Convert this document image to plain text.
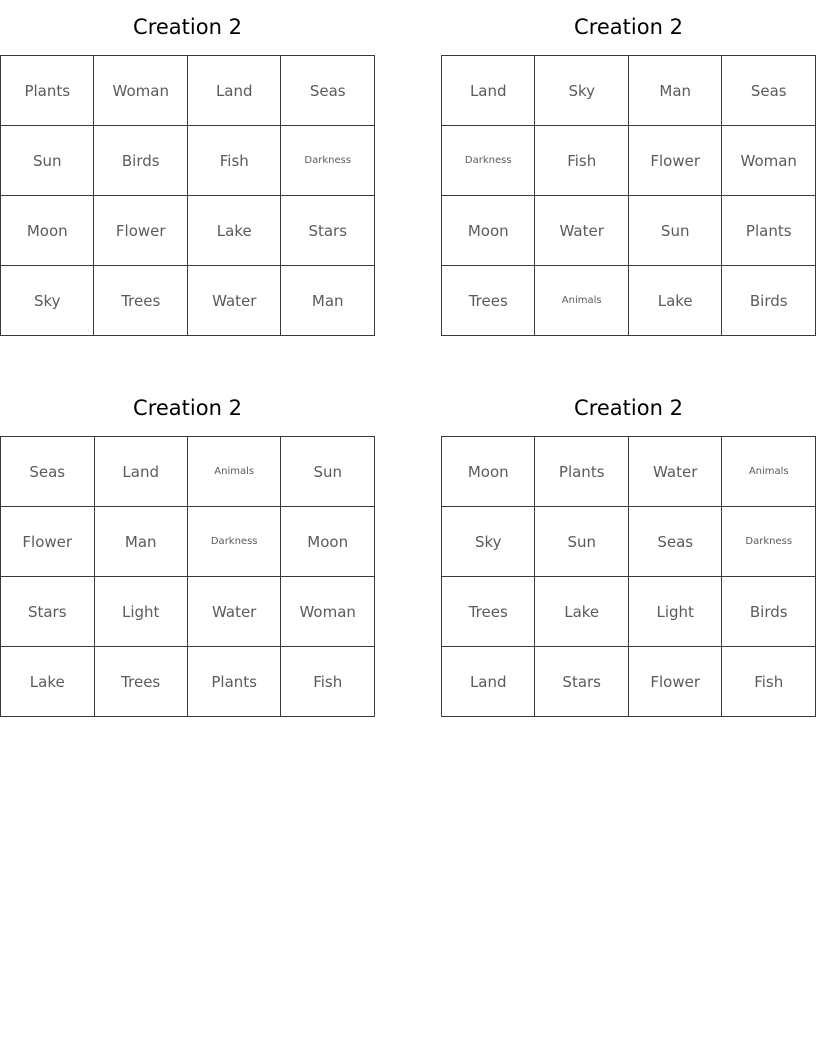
Creation 2
Plants	Woman	Land	Seas
Sun	Birds	Fish	Darkness
Moon	Flower	Lake	Stars
Sky	Trees	Water	Man
Creation 2
Land	Sky	Man	Seas
Darkness	Fish	Flower	Woman
Moon	Water	Sun	Plants
Trees	Animals	Lake	Birds
Creation 2
Seas	Land	Animals	Sun
Flower	Man	Darkness	Moon
Stars	Light	Water	Woman
Lake	Trees	Plants	Fish
Creation 2
Moon	Plants	Water	Animals
Sky	Sun	Seas	Darkness
Trees	Lake	Light	Birds
Land	Stars	Flower	Fish
